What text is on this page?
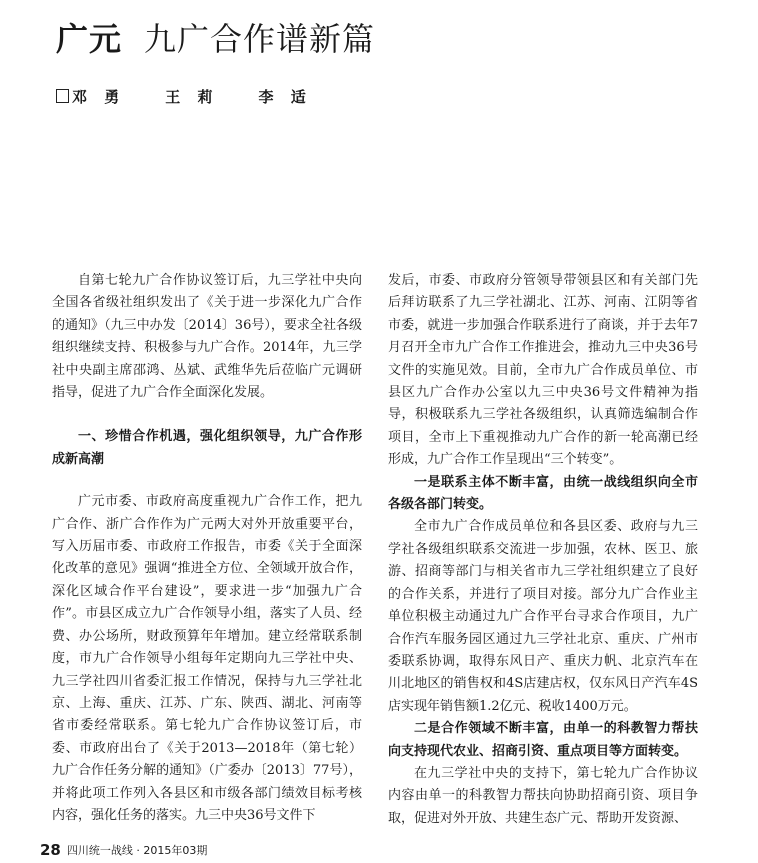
广元 九广合作谱新篇
邓 勇	王 莉	李 适

自第七轮九广合作协议签订后，九三学社中央向全国各省级社组织发出了《关于进一步深化九广合作的通知》（九三中办发〔2014〕36号），要求全社各级组织继续支持、积极参与九广合作。2014年，九三学社中央副主席邵鸿、丛斌、武维华先后莅临广元调研指导，促进了九广合作全面深化发展。

一、珍惜合作机遇，强化组织领导，九广合作形成新高潮

广元市委、市政府高度重视九广合作工作，把九广合作、浙广合作作为广元两大对外开放重要平台，写入历届市委、市政府工作报告，市委《关于全面深化改革的意见》强调“推进全方位、全领域开放合作，深化区域合作平台建设”，要求进一步“加强九广合作”。市县区成立九广合作领导小组，落实了人员、经费、办公场所，财政预算年年增加。建立经常联系制度，市九广合作领导小组每年定期向九三学社中央、九三学社四川省委汇报工作情况，保持与九三学社北京、上海、重庆、江苏、广东、陕西、湖北、河南等省市委经常联系。第七轮九广合作协议签订后，市委、市政府出台了《关于2013—2018年（第七轮）九广合作任务分解的通知》（广委办〔2013〕77号），并将此项工作列入各县区和市级各部门绩效目标考核内容，强化任务的落实。九三中央36号文件下

发后，市委、市政府分管领导带领县区和有关部门先后拜访联系了九三学社湖北、江苏、河南、江阴等省市委，就进一步加强合作联系进行了商谈，并于去年7月召开全市九广合作工作推进会，推动九三中央36号文件的实施见效。目前，全市九广合作成员单位、市县区九广合作办公室以九三中央36号文件精神为指导，积极联系九三学社各级组织，认真筛选编制合作项目，全市上下重视推动九广合作的新一轮高潮已经形成，九广合作工作呈现出“三个转变”。

一是联系主体不断丰富，由统一战线组织向全市各级各部门转变。

全市九广合作成员单位和各县区委、政府与九三学社各级组织联系交流进一步加强，农林、医卫、旅游、招商等部门与相关省市九三学社组织建立了良好的合作关系，并进行了项目对接。部分九广合作业主单位积极主动通过九广合作平台寻求合作项目，九广合作汽车服务园区通过九三学社北京、重庆、广州市委联系协调，取得东风日产、重庆力帆、北京汽车在川北地区的销售权和4S店建店权，仅东风日产汽车4S店实现年销售额1.2亿元、税收1400万元。

二是合作领域不断丰富，由单一的科教智力帮扶向支持现代农业、招商引资、重点项目等方面转变。

在九三学社中央的支持下，第七轮九广合作协议内容由单一的科教智力帮扶向协助招商引资、项目争取，促进对外开放、共建生态广元、帮助开发资源、

28 四川统一战线 · 2015年03期
